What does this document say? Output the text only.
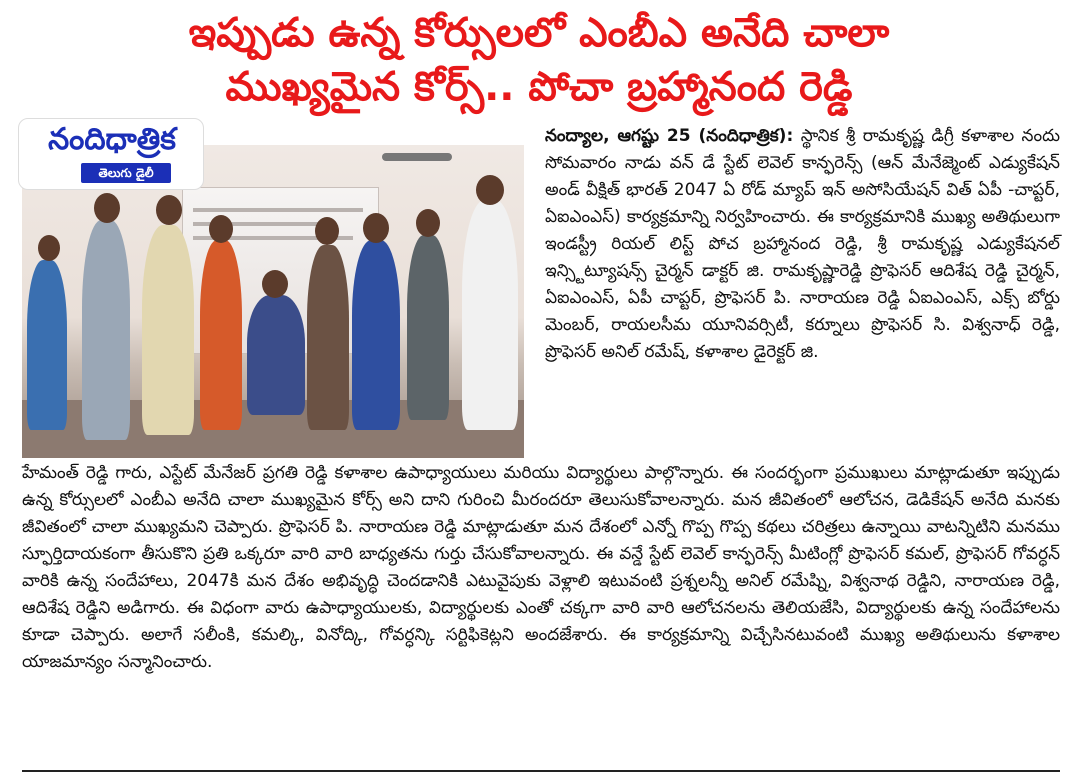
ఇప్పుడు ఉన్న కోర్సులలో ఎంబీఎ అనేది చాలా
ముఖ్యమైన కోర్స్.. పోచా బ్రహ్మానంద రెడ్డి
నందిధాత్రిక
తెలుగు డైలీ
నంద్యాల, ఆగష్టు 25 (నందిధాత్రిక): స్థానిక శ్రీ రామకృష్ణ డిగ్రీ కళాశాల నందు సోమవారం నాడు వన్ డే స్టేట్ లెవెల్ కాన్ఫరెన్స్ (ఆన్ మేనేజ్మెంట్ ఎడ్యుకేషన్ అండ్ వీక్షిత్ భారత్ 2047 ఏ రోడ్ మ్యాప్ ఇన్ అసోసియేషన్ విత్ ఏపీ -చాప్టర్, ఏఐఎంఎస్) కార్యక్రమాన్ని నిర్వహించారు. ఈ కార్యక్రమానికి ముఖ్య అతిథులుగా ఇండస్ట్రీ రియల్ లిస్ట్ పోచ బ్రహ్మానంద రెడ్డి, శ్రీ రామకృష్ణ ఎడ్యుకేషనల్ ఇన్స్టిట్యూషన్స్ చైర్మన్ డాక్టర్ జి. రామకృష్ణారెడ్డి ప్రొఫెసర్ ఆదిశేష రెడ్డి చైర్మన్, ఏఐఎంఎస్, ఏపీ చాప్టర్, ప్రొఫెసర్ పి. నారాయణ రెడ్డి ఏఐఎంఎస్, ఎక్స్ బోర్డు మెంబర్, రాయలసీమ యూనివర్సిటీ, కర్నూలు ప్రొఫెసర్ సి. విశ్వనాధ్ రెడ్డి, ప్రొఫెసర్ అనిల్ రమేష్, కళాశాల డైరెక్టర్ జి.
హేమంత్ రెడ్డి గారు, ఎస్టేట్ మేనేజర్ ప్రగతి రెడ్డి కళాశాల ఉపాధ్యాయులు మరియు విద్యార్థులు పాల్గొన్నారు. ఈ సందర్భంగా ప్రముఖులు మాట్లాడుతూ ఇప్పుడు ఉన్న కోర్సులలో ఎంబీఎ అనేది చాలా ముఖ్యమైన కోర్స్ అని దాని గురించి మీరందరూ తెలుసుకోవాలన్నారు. మన జీవితంలో ఆలోచన, డెడికేషన్ అనేది మనకు జీవితంలో చాలా ముఖ్యమని చెప్పారు. ప్రొఫెసర్ పి. నారాయణ రెడ్డి మాట్లాడుతూ మన దేశంలో ఎన్నో గొప్ప గొప్ప కథలు చరిత్రలు ఉన్నాయి వాటన్నిటిని మనము స్ఫూర్తిదాయకంగా తీసుకొని ప్రతి ఒక్కరూ వారి వారి బాధ్యతను గుర్తు చేసుకోవాలన్నారు. ఈ వన్డే స్టేట్ లెవెల్ కాన్ఫరెన్స్ మీటింగ్లో ప్రొఫెసర్ కమల్, ప్రొఫెసర్ గోవర్ధన్ వారికి ఉన్న సందేహాలు, 2047కి మన దేశం అభివృద్ధి చెందడానికి ఎటువైపుకు వెళ్లాలి ఇటువంటి ప్రశ్నలన్నీ అనిల్ రమేష్ని, విశ్వనాథ రెడ్డిని, నారాయణ రెడ్డి, ఆదిశేష రెడ్డిని అడిగారు. ఈ విధంగా వారు ఉపాధ్యాయులకు, విద్యార్థులకు ఎంతో చక్కగా వారి వారి ఆలోచనలను తెలియజేసి, విద్యార్థులకు ఉన్న సందేహాలను కూడా చెప్పారు. అలాగే సలీంకి, కమల్కి, వినోద్కి, గోవర్ధన్కి సర్టిఫికెట్లని అందజేశారు. ఈ కార్యక్రమాన్ని విచ్చేసినటువంటి ముఖ్య అతిథులును కళాశాల యాజమాన్యం సన్మానించారు.
